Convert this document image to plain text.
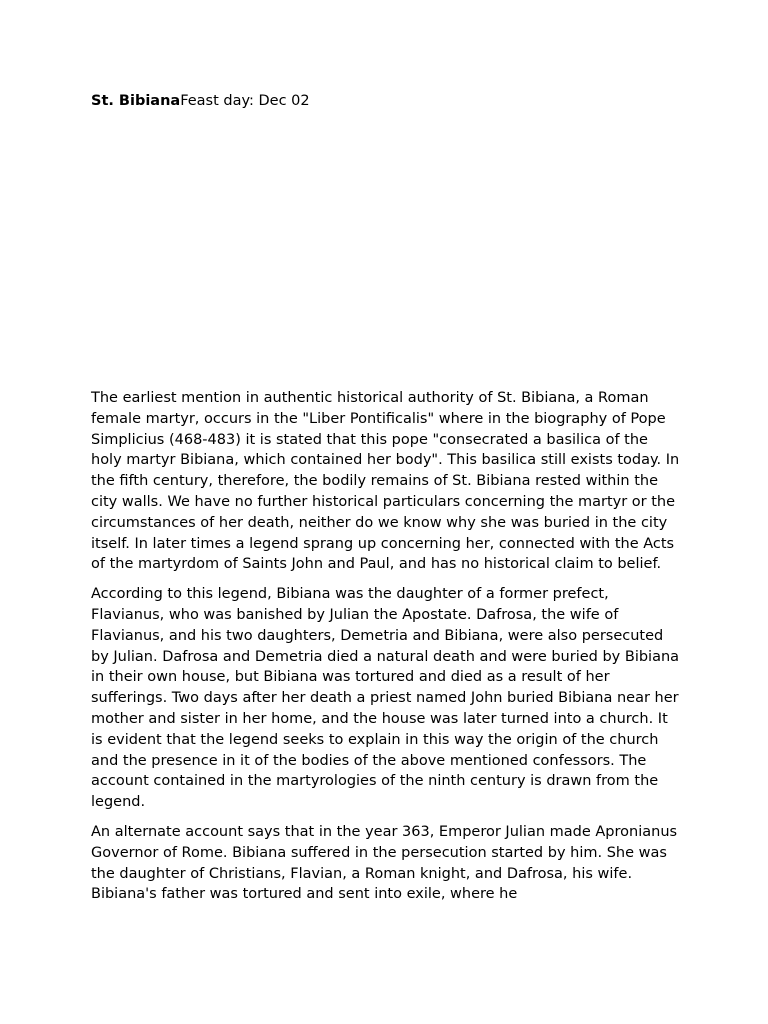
St. BibianaFeast day: Dec 02

The earliest mention in authentic historical authority of St. Bibiana, a Roman female martyr, occurs in the "Liber Pontificalis" where in the biography of Pope Simplicius (468-483) it is stated that this pope "consecrated a basilica of the holy martyr Bibiana, which contained her body". This basilica still exists today. In the fifth century, therefore, the bodily remains of St. Bibiana rested within the city walls. We have no further historical particulars concerning the martyr or the circumstances of her death, neither do we know why she was buried in the city itself. In later times a legend sprang up concerning her, connected with the Acts of the martyrdom of Saints John and Paul, and has no historical claim to belief.

According to this legend, Bibiana was the daughter of a former prefect, Flavianus, who was banished by Julian the Apostate. Dafrosa, the wife of Flavianus, and his two daughters, Demetria and Bibiana, were also persecuted by Julian. Dafrosa and Demetria died a natural death and were buried by Bibiana in their own house, but Bibiana was tortured and died as a result of her sufferings. Two days after her death a priest named John buried Bibiana near her mother and sister in her home, and the house was later turned into a church. It is evident that the legend seeks to explain in this way the origin of the church and the presence in it of the bodies of the above mentioned confessors. The account contained in the martyrologies of the ninth century is drawn from the legend.

An alternate account says that in the year 363, Emperor Julian made Apronianus Governor of Rome. Bibiana suffered in the persecution started by him. She was the daughter of Christians, Flavian, a Roman knight, and Dafrosa, his wife. Bibiana's father was tortured and sent into exile, where he
